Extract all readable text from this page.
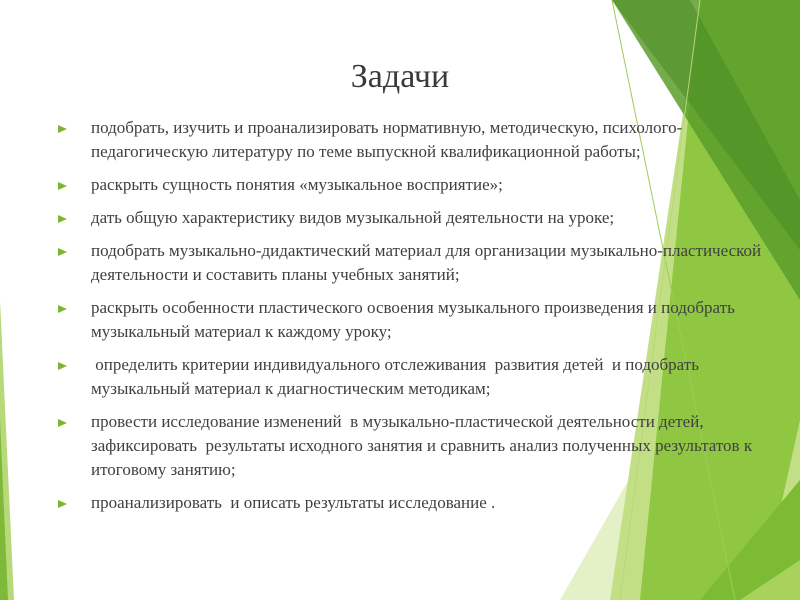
Задачи
подобрать, изучить и проанализировать нормативную, методическую, психолого-педагогическую литературу по теме выпускной квалификационной работы;
раскрыть сущность понятия «музыкальное восприятие»;
дать общую характеристику видов музыкальной деятельности на уроке;
подобрать музыкально-дидактический материал для организации музыкально-пластической деятельности и составить планы учебных занятий;
раскрыть особенности пластического освоения музыкального произведения и подобрать музыкальный материал к каждому уроку;
определить критерии индивидуального отслеживания  развития детей  и подобрать музыкальный материал к диагностическим методикам;
провести исследование изменений  в музыкально-пластической деятельности детей, зафиксировать  результаты исходного занятия и сравнить анализ полученных результатов к итоговому занятию;
проанализировать  и описать результаты исследование .
